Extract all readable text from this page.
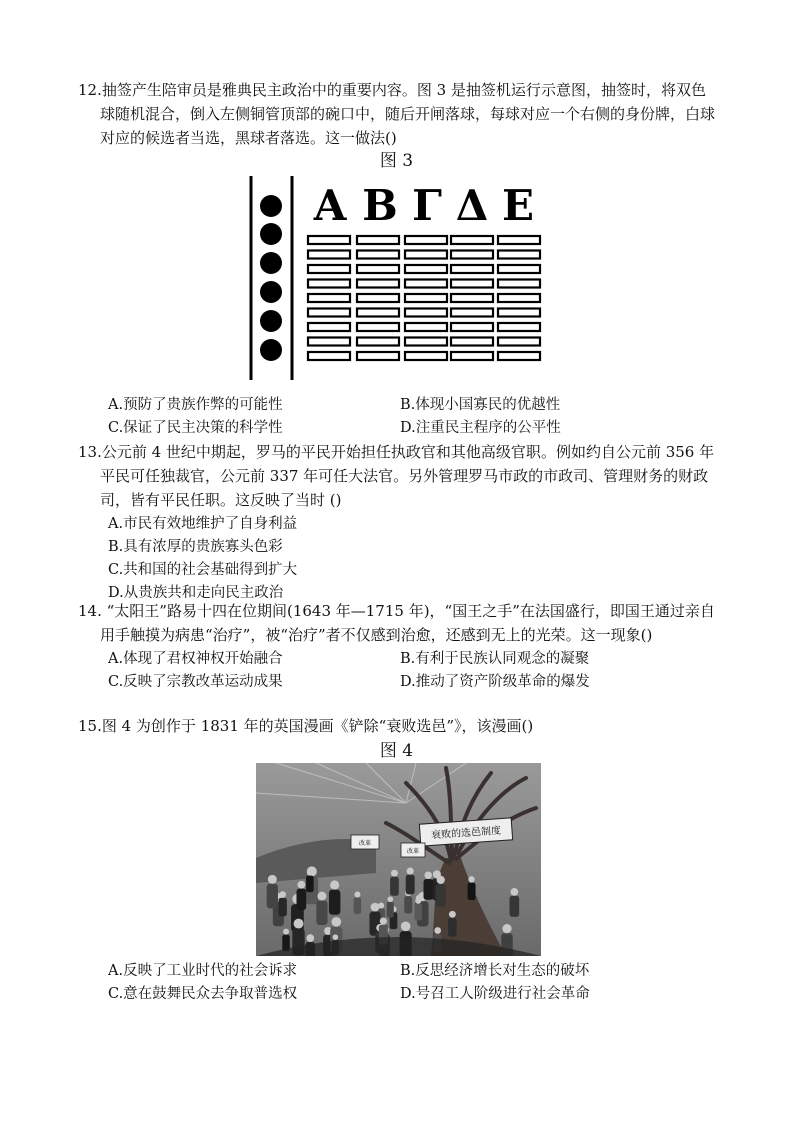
12.抽签产生陪审员是雅典民主政治中的重要内容。图 3 是抽签机运行示意图，抽签时，将双色球随机混合，倒入左侧铜管顶部的碗口中，随后开闸落球，每球对应一个右侧的身份牌，白球对应的候选者当选，黑球者落选。这一做法()

图 3
Α Β Γ Δ Ε
A.预防了贵族作弊的可能性	B.体现小国寡民的优越性
C.保证了民主决策的科学性	D.注重民主程序的公平性

13.公元前 4 世纪中期起，罗马的平民开始担任执政官和其他高级官职。例如约自公元前 356 年平民可任独裁官，公元前 337 年可任大法官。另外管理罗马市政的市政司、管理财务的财政司，皆有平民任职。这反映了当时 ()

A.市民有效地维护了自身利益
B.具有浓厚的贵族寡头色彩
C.共和国的社会基础得到扩大
D.从贵族共和走向民主政治

14. “太阳王”路易十四在位期间(1643 年—1715 年)，“国王之手”在法国盛行，即国王通过亲自用手触摸为病患“治疗”，被“治疗”者不仅感到治愈，还感到无上的光荣。这一现象()

A.体现了君权神权开始融合	B.有利于民族认同观念的凝聚
C.反映了宗教改革运动成果	D.推动了资产阶级革命的爆发

15.图 4 为创作于 1831 年的英国漫画《铲除“衰败选邑”》，该漫画()

图 4
衰败的选邑制度
改革
改革
A.反映了工业时代的社会诉求	B.反思经济增长对生态的破坏
C.意在鼓舞民众去争取普选权	D.号召工人阶级进行社会革命
